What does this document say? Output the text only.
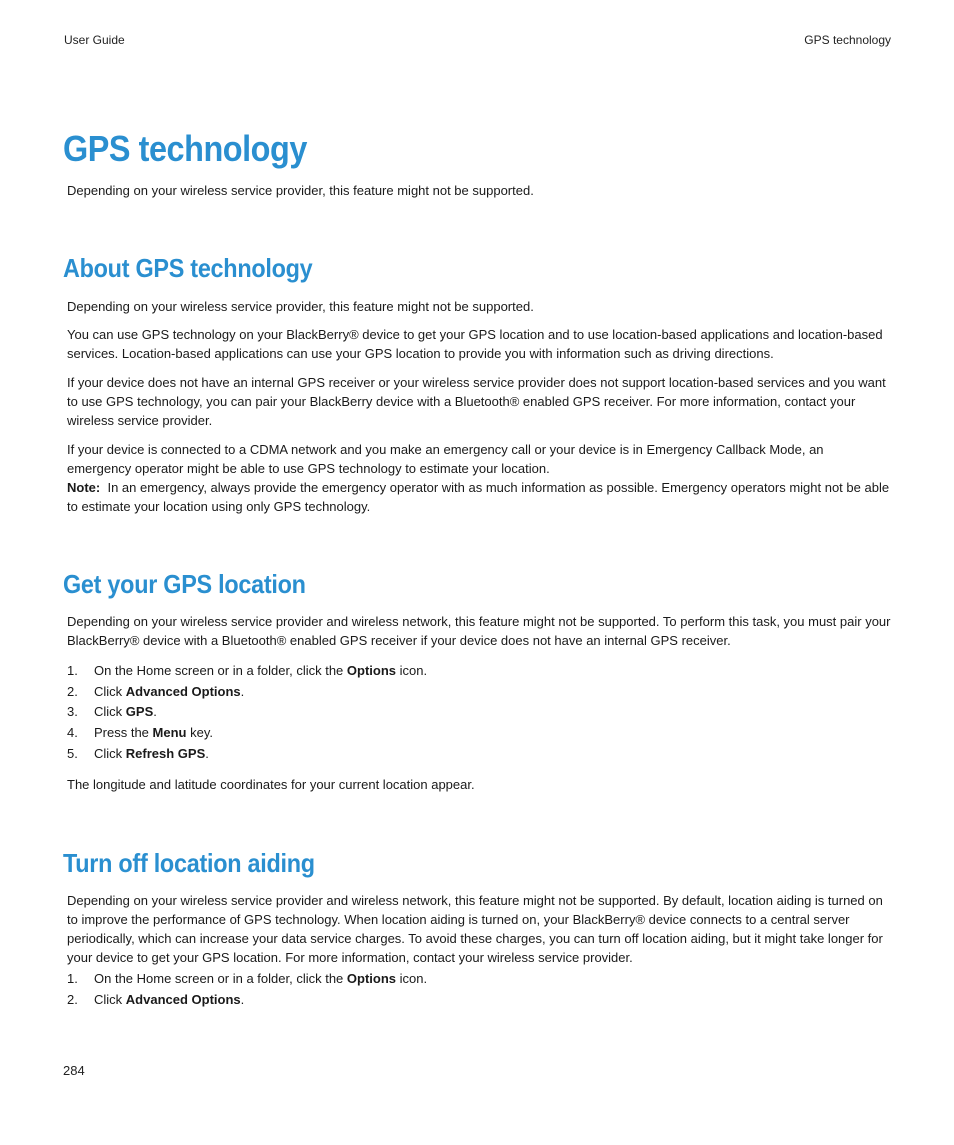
User Guide	GPS technology
GPS technology

Depending on your wireless service provider, this feature might not be supported.

About GPS technology

Depending on your wireless service provider, this feature might not be supported.

You can use GPS technology on your BlackBerry® device to get your GPS location and to use location-based applications and location-based services. Location-based applications can use your GPS location to provide you with information such as driving directions.

If your device does not have an internal GPS receiver or your wireless service provider does not support location-based services and you want to use GPS technology, you can pair your BlackBerry device with a Bluetooth® enabled GPS receiver. For more information, contact your wireless service provider.

If your device is connected to a CDMA network and you make an emergency call or your device is in Emergency Callback Mode, an emergency operator might be able to use GPS technology to estimate your location.
Note: In an emergency, always provide the emergency operator with as much information as possible. Emergency operators might not be able to estimate your location using only GPS technology.
Get your GPS location

Depending on your wireless service provider and wireless network, this feature might not be supported. To perform this task, you must pair your BlackBerry® device with a Bluetooth® enabled GPS receiver if your device does not have an internal GPS receiver.

1.	On the Home screen or in a folder, click the Options icon.
2.	Click Advanced Options.
3.	Click GPS.
4.	Press the Menu key.
5.	Click Refresh GPS.

The longitude and latitude coordinates for your current location appear.

Turn off location aiding

Depending on your wireless service provider and wireless network, this feature might not be supported. By default, location aiding is turned on to improve the performance of GPS technology. When location aiding is turned on, your BlackBerry® device connects to a central server periodically, which can increase your data service charges. To avoid these charges, you can turn off location aiding, but it might take longer for your device to get your GPS location. For more information, contact your wireless service provider.

1.	On the Home screen or in a folder, click the Options icon.
2.	Click Advanced Options.
284
